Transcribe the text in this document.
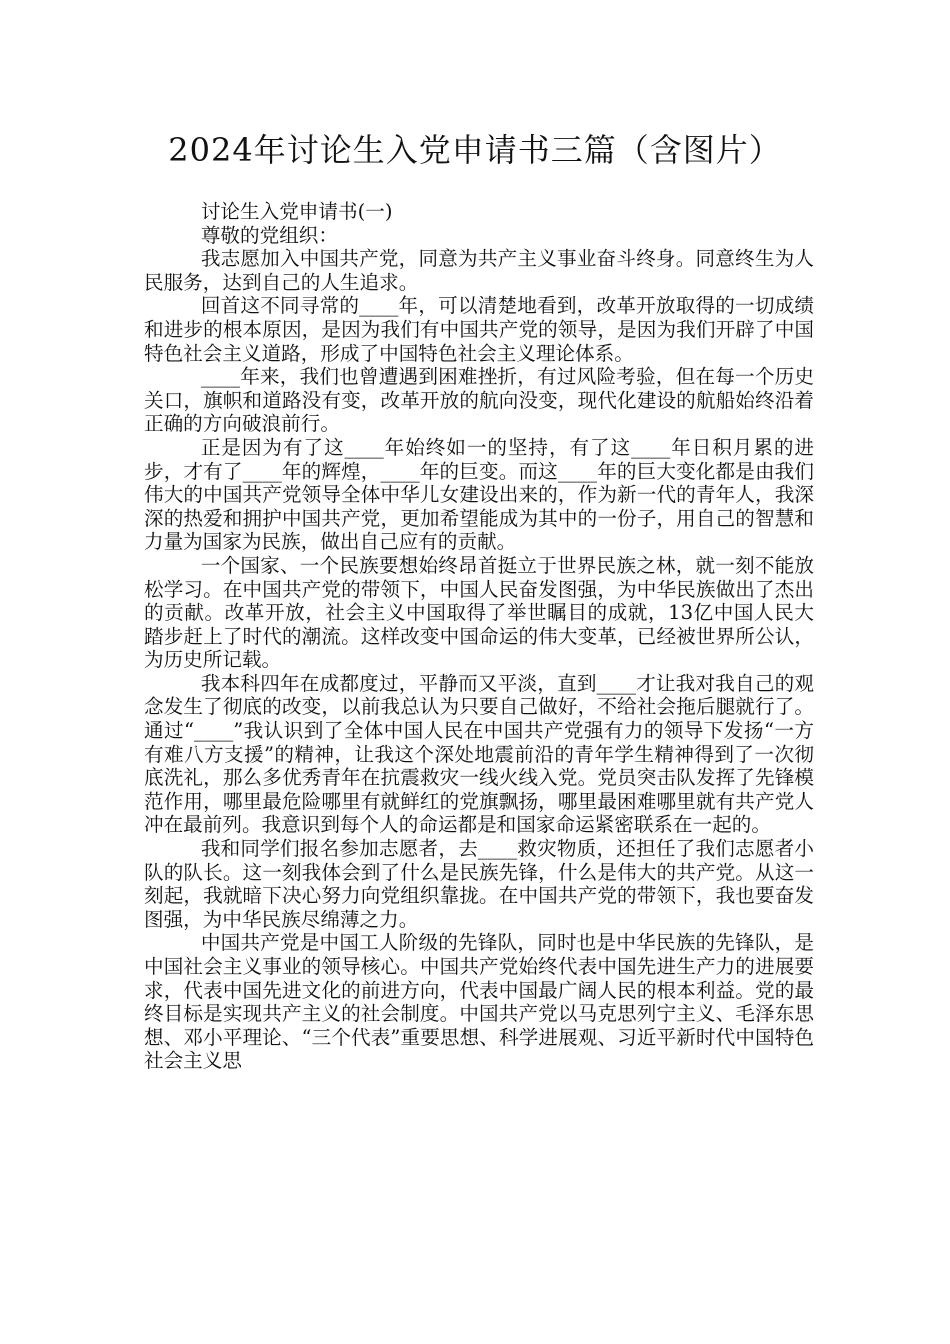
2024年讨论生入党申请书三篇（含图片）

讨论生入党申请书(一)

尊敬的党组织：

我志愿加入中国共产党，同意为共产主义事业奋斗终身。同意终生为人民服务，达到自己的人生追求。

回首这不同寻常的____年，可以清楚地看到，改革开放取得的一切成绩和进步的根本原因，是因为我们有中国共产党的领导，是因为我们开辟了中国特色社会主义道路，形成了中国特色社会主义理论体系。

____年来，我们也曾遭遇到困难挫折，有过风险考验，但在每一个历史关口，旗帜和道路没有变，改革开放的航向没变，现代化建设的航船始终沿着正确的方向破浪前行。

正是因为有了这____年始终如一的坚持，有了这____年日积月累的进步，才有了____年的辉煌，____年的巨变。而这____年的巨大变化都是由我们伟大的中国共产党领导全体中华儿女建设出来的，作为新一代的青年人，我深深的热爱和拥护中国共产党，更加希望能成为其中的一份子，用自己的智慧和力量为国家为民族，做出自己应有的贡献。

一个国家、一个民族要想始终昂首挺立于世界民族之林，就一刻不能放松学习。在中国共产党的带领下，中国人民奋发图强，为中华民族做出了杰出的贡献。改革开放，社会主义中国取得了举世瞩目的成就，13亿中国人民大踏步赶上了时代的潮流。这样改变中国命运的伟大变革，已经被世界所公认，为历史所记载。

我本科四年在成都度过，平静而又平淡，直到____才让我对我自己的观念发生了彻底的改变，以前我总认为只要自己做好，不给社会拖后腿就行了。通过“____”我认识到了全体中国人民在中国共产党强有力的领导下发扬“一方有难八方支援”的精神，让我这个深处地震前沿的青年学生精神得到了一次彻底洗礼，那么多优秀青年在抗震救灾一线火线入党。党员突击队发挥了先锋模范作用，哪里最危险哪里有就鲜红的党旗飘扬，哪里最困难哪里就有共产党人冲在最前列。我意识到每个人的命运都是和国家命运紧密联系在一起的。

我和同学们报名参加志愿者，去____救灾物质，还担任了我们志愿者小队的队长。这一刻我体会到了什么是民族先锋，什么是伟大的共产党。从这一刻起，我就暗下决心努力向党组织靠拢。在中国共产党的带领下，我也要奋发图强，为中华民族尽绵薄之力。

中国共产党是中国工人阶级的先锋队，同时也是中华民族的先锋队，是中国社会主义事业的领导核心。中国共产党始终代表中国先进生产力的进展要求，代表中国先进文化的前进方向，代表中国最广阔人民的根本利益。党的最终目标是实现共产主义的社会制度。中国共产党以马克思列宁主义、毛泽东思想、邓小平理论、“三个代表”重要思想、科学进展观、习近平新时代中国特色社会主义思
